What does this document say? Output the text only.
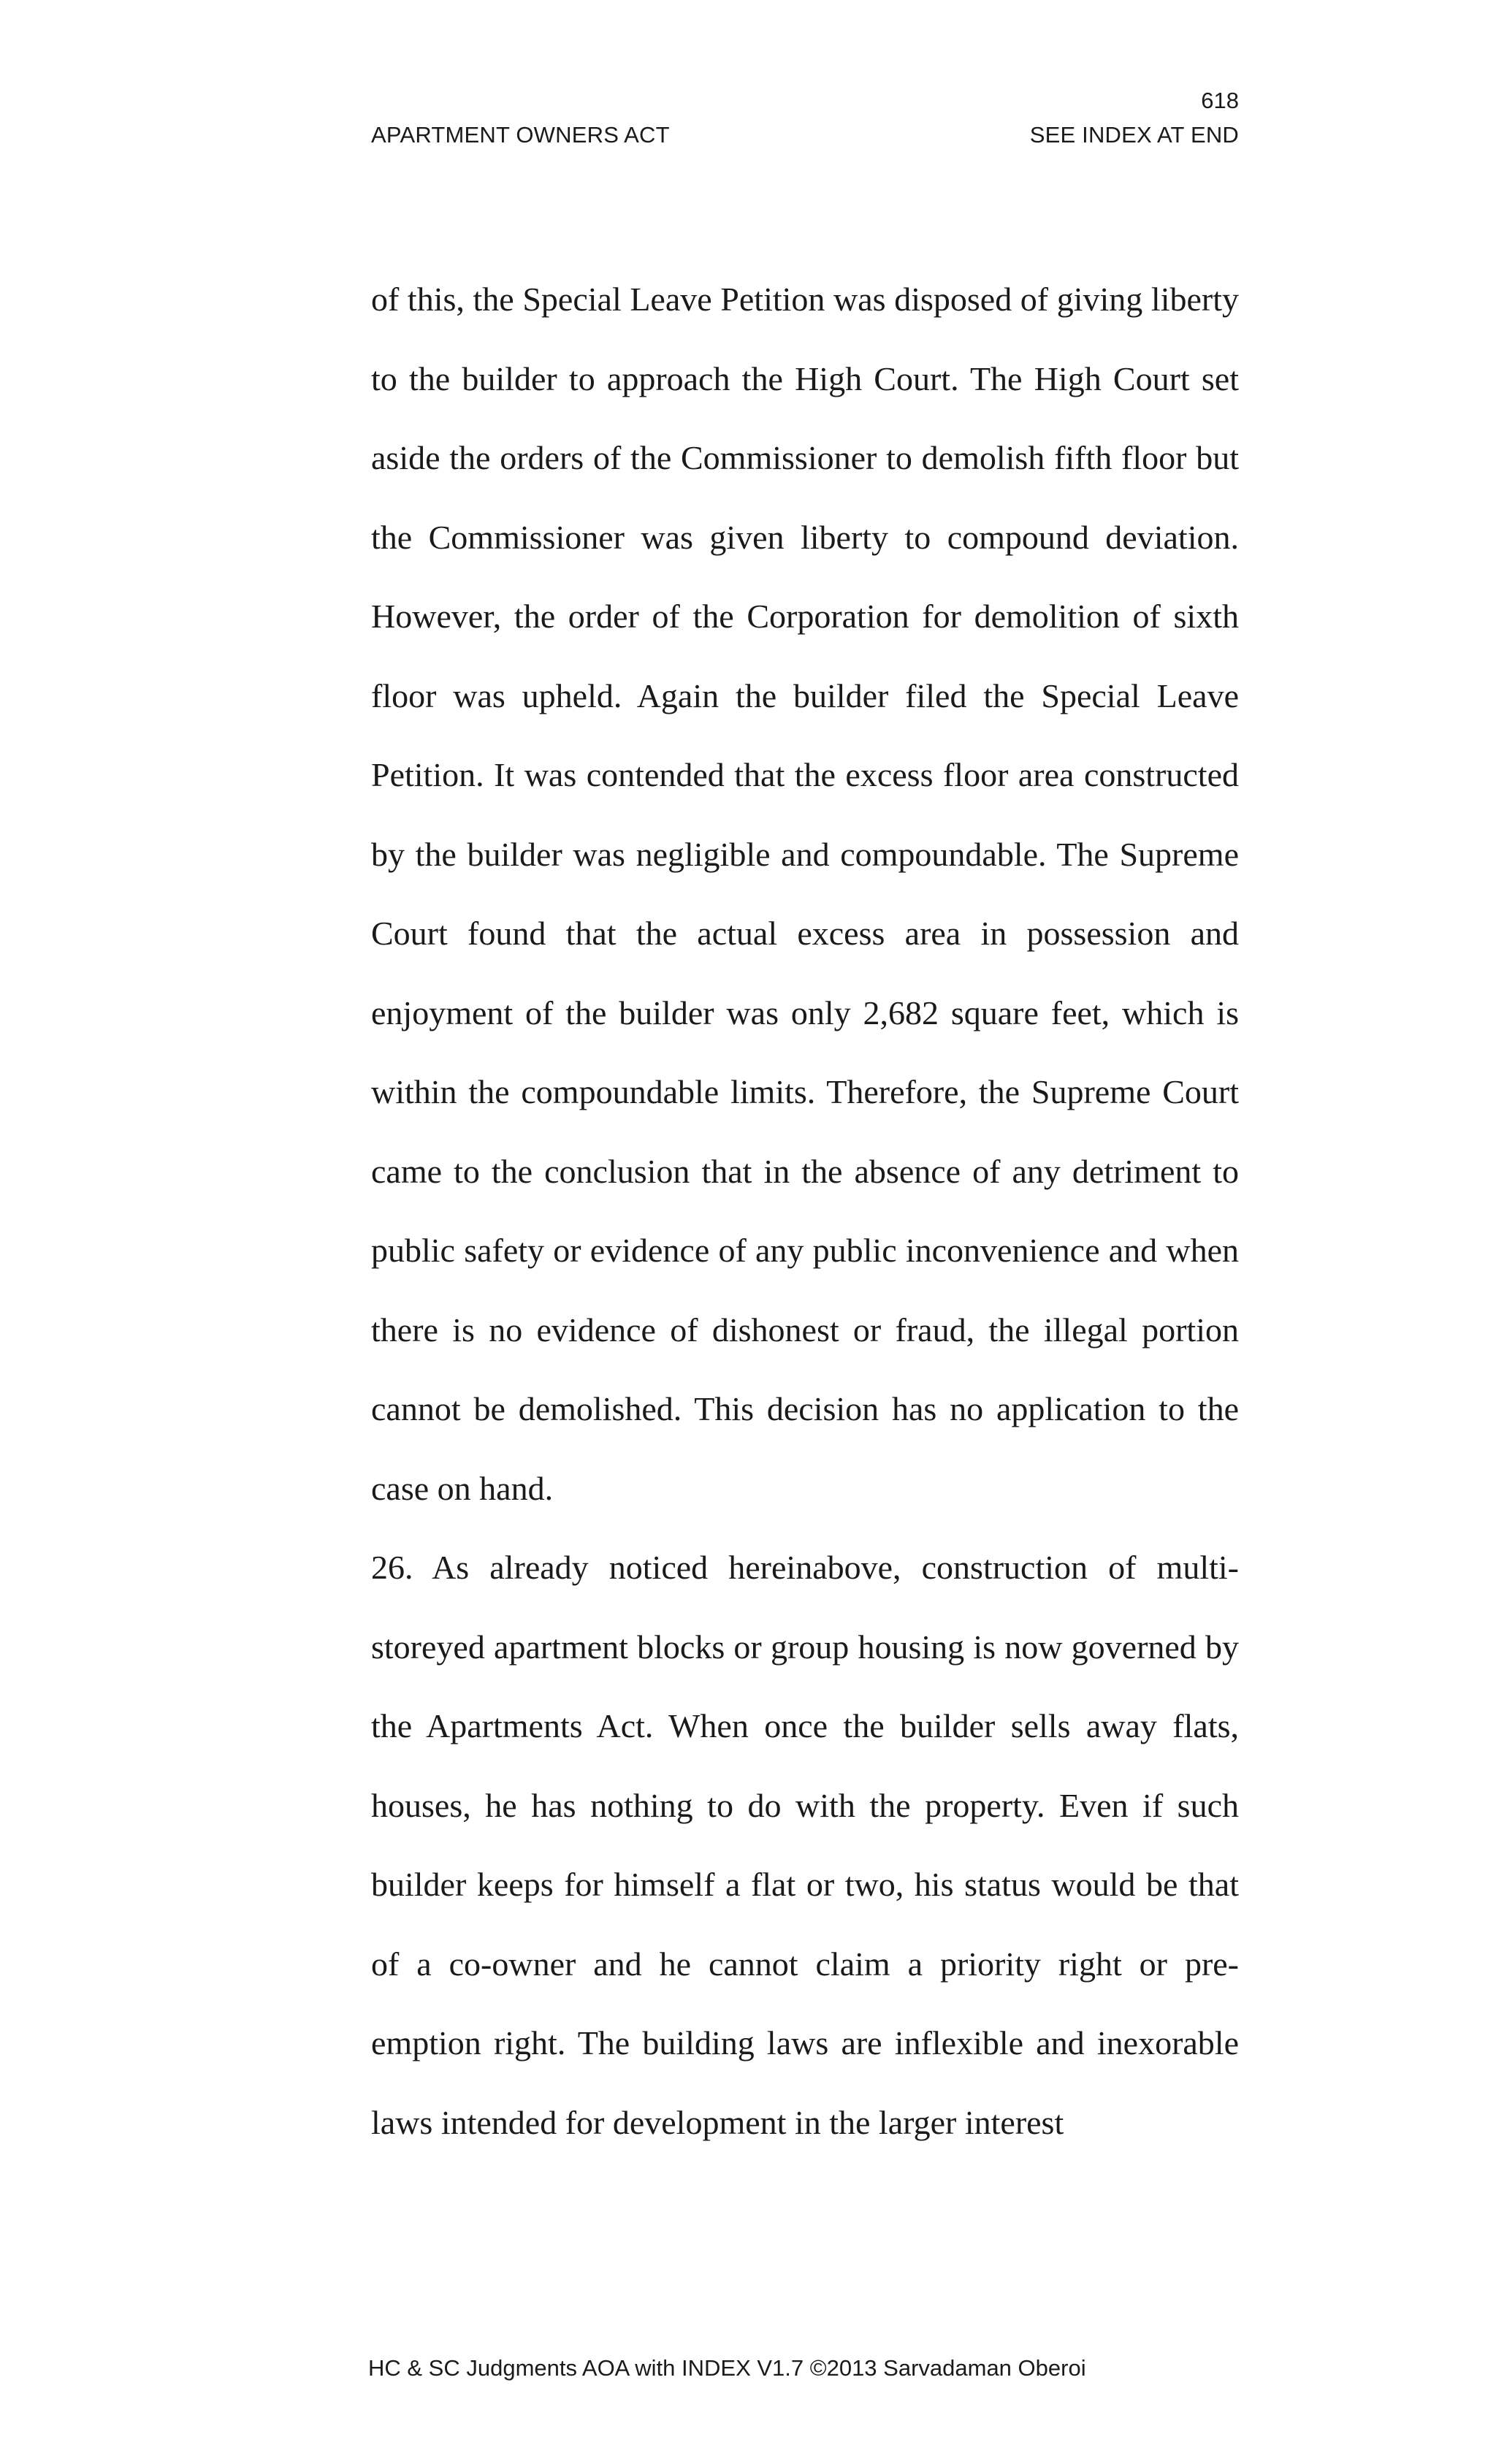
618
APARTMENT OWNERS ACT	SEE INDEX AT END

of this, the Special Leave Petition was disposed of giving liberty to the builder to approach the High Court. The High Court set aside the orders of the Commissioner to demolish fifth floor but the Commissioner was given liberty to compound deviation. However, the order of the Corporation for demolition of sixth floor was upheld. Again the builder filed the Special Leave Petition. It was contended that the excess floor area constructed by the builder was negligible and compoundable. The Supreme Court found that the actual excess area in possession and enjoyment of the builder was only 2,682 square feet, which is within the compoundable limits. Therefore, the Supreme Court came to the conclusion that in the absence of any detriment to public safety or evidence of any public inconvenience and when there is no evidence of dishonest or fraud, the illegal portion cannot be demolished. This decision has no application to the case on hand.

26. As already noticed hereinabove, construction of multi-storeyed apartment blocks or group housing is now governed by the Apartments Act. When once the builder sells away flats, houses, he has nothing to do with the property. Even if such builder keeps for himself a flat or two, his status would be that of a co-owner and he cannot claim a priority right or pre-emption right. The building laws are inflexible and inexorable laws intended for development in the larger interest

HC & SC Judgments AOA with INDEX V1.7 ©2013 Sarvadaman Oberoi
